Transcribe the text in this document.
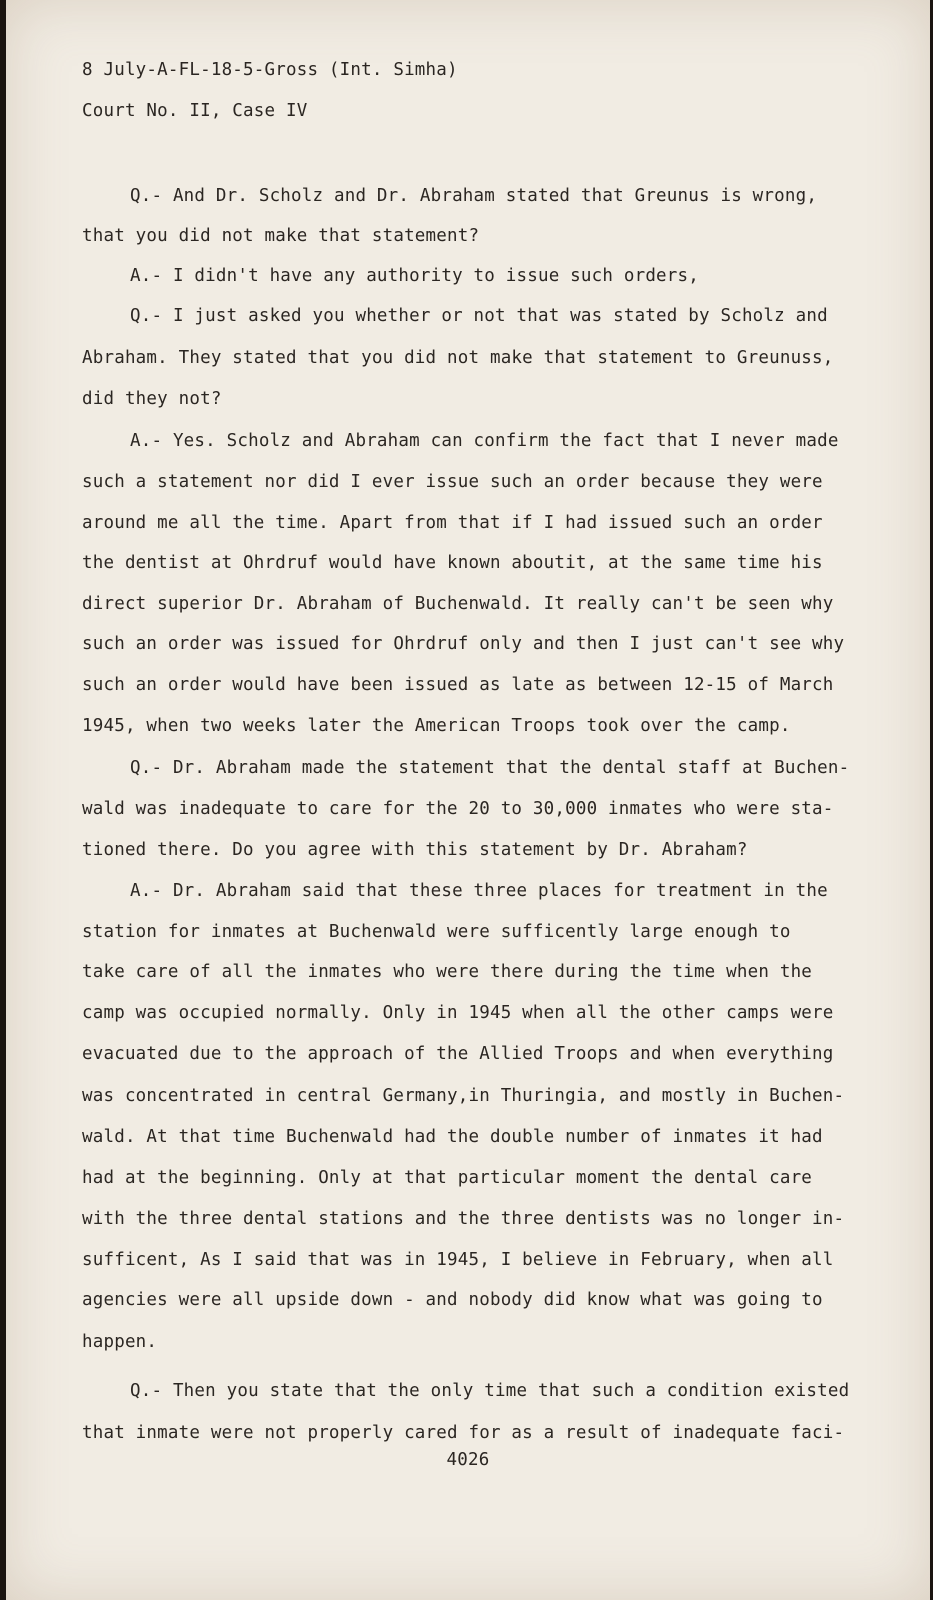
8 July-A-FL-18-5-Gross (Int. Simha)

Court No. II, Case IV

Q.- And Dr. Scholz and Dr. Abraham stated that Greunus is wrong,

that you did not make that statement?

A.- I didn't have any authority to issue such orders,

Q.- I just asked you whether or not that was stated by Scholz and

Abraham. They stated that you did not make that statement to Greunuss,

did they not?

A.- Yes. Scholz and Abraham can confirm the fact that I never made

such a statement nor did I ever issue such an order because they were

around me all the time. Apart from that if I had issued such an order

the dentist at Ohrdruf would have known aboutit, at the same time his

direct superior Dr. Abraham of Buchenwald. It really can't be seen why

such an order was issued for Ohrdruf only and then I just can't see why

such an order would have been issued as late as between 12-15 of March

1945, when two weeks later the American Troops took over the camp.

Q.- Dr. Abraham made the statement that the dental staff at Buchen-

wald was inadequate to care for the 20 to 30,000 inmates who were sta-

tioned there. Do you agree with this statement by Dr. Abraham?

A.- Dr. Abraham said that these three places for treatment in the

station for inmates at Buchenwald were sufficently large enough to

take care of all the inmates who were there during the time when the

camp was occupied normally. Only in 1945 when all the other camps were

evacuated due to the approach of the Allied Troops and when everything

was concentrated in central Germany,in Thuringia, and mostly in Buchen-

wald. At that time Buchenwald had the double number of inmates it had

had at the beginning. Only at that particular moment the dental care

with the three dental stations and the three dentists was no longer in-

sufficent, As I said that was in 1945, I believe in February, when all

agencies were all upside down - and nobody did know what was going to

happen.

Q.- Then you state that the only time that such a condition existed

that inmate were not properly cared for as a result of inadequate faci-

4026
